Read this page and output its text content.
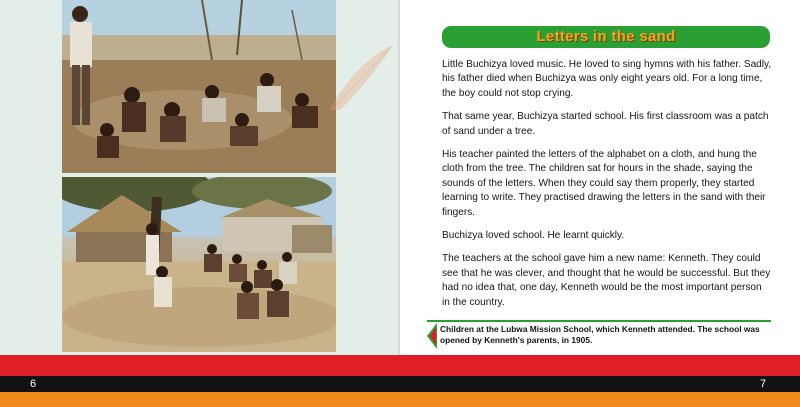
Letters in the sand

Little Buchizya loved music. He loved to sing hymns with his father. Sadly, his father died when Buchizya was only eight years old. For a long time, the boy could not stop crying.

That same year, Buchizya started school. His first classroom was a patch of sand under a tree.

His teacher painted the letters of the alphabet on a cloth, and hung the cloth from the tree. The children sat for hours in the shade, saying the sounds of the letters. When they could say them properly, they started learning to write. They practised drawing the letters in the sand with their fingers.

Buchizya loved school. He learnt quickly.

The teachers at the school gave him a new name: Kenneth. They could see that he was clever, and thought that he would be successful. But they had no idea that, one day, Kenneth would be the most important person in the country.

Children at the Lubwa Mission School, which Kenneth attended. The school was opened by Kenneth's parents, in 1905.
6	7
